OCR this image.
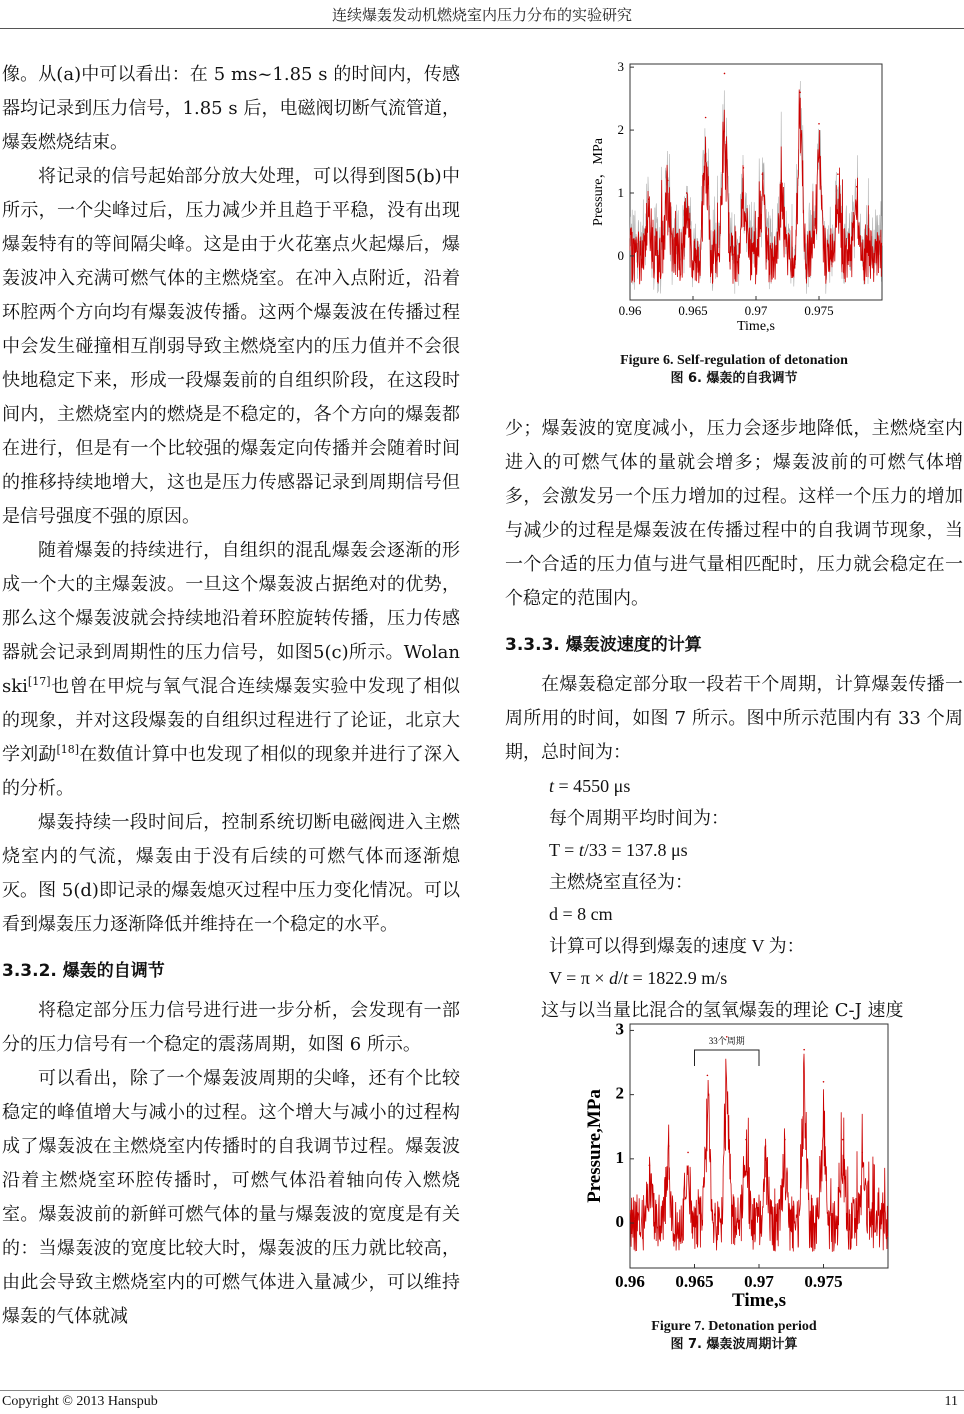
连续爆轰发动机燃烧室内压力分布的实验研究

像。从(a)中可以看出：在 5 ms~1.85 s 的时间内，传感器均记录到压力信号，1.85 s 后，电磁阀切断气流管道，爆轰燃烧结束。

将记录的信号起始部分放大处理，可以得到图5(b)中所示，一个尖峰过后，压力减少并且趋于平稳，没有出现爆轰特有的等间隔尖峰。这是由于火花塞点火起爆后，爆轰波冲入充满可燃气体的主燃烧室。在冲入点附近，沿着环腔两个方向均有爆轰波传播。这两个爆轰波在传播过程中会发生碰撞相互削弱导致主燃烧室内的压力值并不会很快地稳定下来，形成一段爆轰前的自组织阶段，在这段时间内，主燃烧室内的燃烧是不稳定的，各个方向的爆轰都在进行，但是有一个比较强的爆轰定向传播并会随着时间的推移持续地增大，这也是压力传感器记录到周期信号但是信号强度不强的原因。

随着爆轰的持续进行，自组织的混乱爆轰会逐渐的形成一个大的主爆轰波。一旦这个爆轰波占据绝对的优势，那么这个爆轰波就会持续地沿着环腔旋转传播，压力传感器就会记录到周期性的压力信号，如图5(c)所示。Wolanski[17]也曾在甲烷与氧气混合连续爆轰实验中发现了相似的现象，并对这段爆轰的自组织过程进行了论证，北京大学刘勐[18]在数值计算中也发现了相似的现象并进行了深入的分析。

爆轰持续一段时间后，控制系统切断电磁阀进入主燃烧室内的气流，爆轰由于没有后续的可燃气体而逐渐熄灭。图 5(d)即记录的爆轰熄灭过程中压力变化情况。可以看到爆轰压力逐渐降低并维持在一个稳定的水平。

3.3.2. 爆轰的自调节

将稳定部分压力信号进行进一步分析，会发现有一部分的压力信号有一个稳定的震荡周期，如图 6 所示。

可以看出，除了一个爆轰波周期的尖峰，还有个比较稳定的峰值增大与减小的过程。这个增大与减小的过程构成了爆轰波在主燃烧室内传播时的自我调节过程。爆轰波沿着主燃烧室环腔传播时，可燃气体沿着轴向传入燃烧室。爆轰波前的新鲜可燃气体的量与爆轰波的宽度是有关的：当爆轰波的宽度比较大时，爆轰波的压力就比较高，由此会导致主燃烧室内的可燃气体进入量减少，可以维持爆轰的气体就减

0
1
2
3
0.96	0.965	0.97	0.975
Time,s
Pressure，MPa
Figure 6. Self-regulation of detonation
图 6. 爆轰的自我调节

少；爆轰波的宽度减小，压力会逐步地降低，主燃烧室内进入的可燃气体的量就会增多；爆轰波前的可燃气体增多，会激发另一个压力增加的过程。这样一个压力的增加与减少的过程是爆轰波在传播过程中的自我调节现象，当一个合适的压力值与进气量相匹配时，压力就会稳定在一个稳定的范围内。

3.3.3. 爆轰波速度的计算

在爆轰稳定部分取一段若干个周期，计算爆轰传播一周所用的时间，如图 7 所示。图中所示范围内有 33 个周期，总时间为：

t = 4550 μs
每个周期平均时间为：
T = t/33 = 137.8 μs
主燃烧室直径为：
d = 8 cm
计算可以得到爆轰的速度 V 为：
V = π × d/t = 1822.9 m/s

这与以当量比混合的氢氧爆轰的理论 C-J 速度

0
1
2
3
0.96 0.965 0.97 0.975
Time,s
Pressure,MPa
33个周期
Figure 7. Detonation period
图 7. 爆轰波周期计算
Copyright © 2013 Hanspub	11
